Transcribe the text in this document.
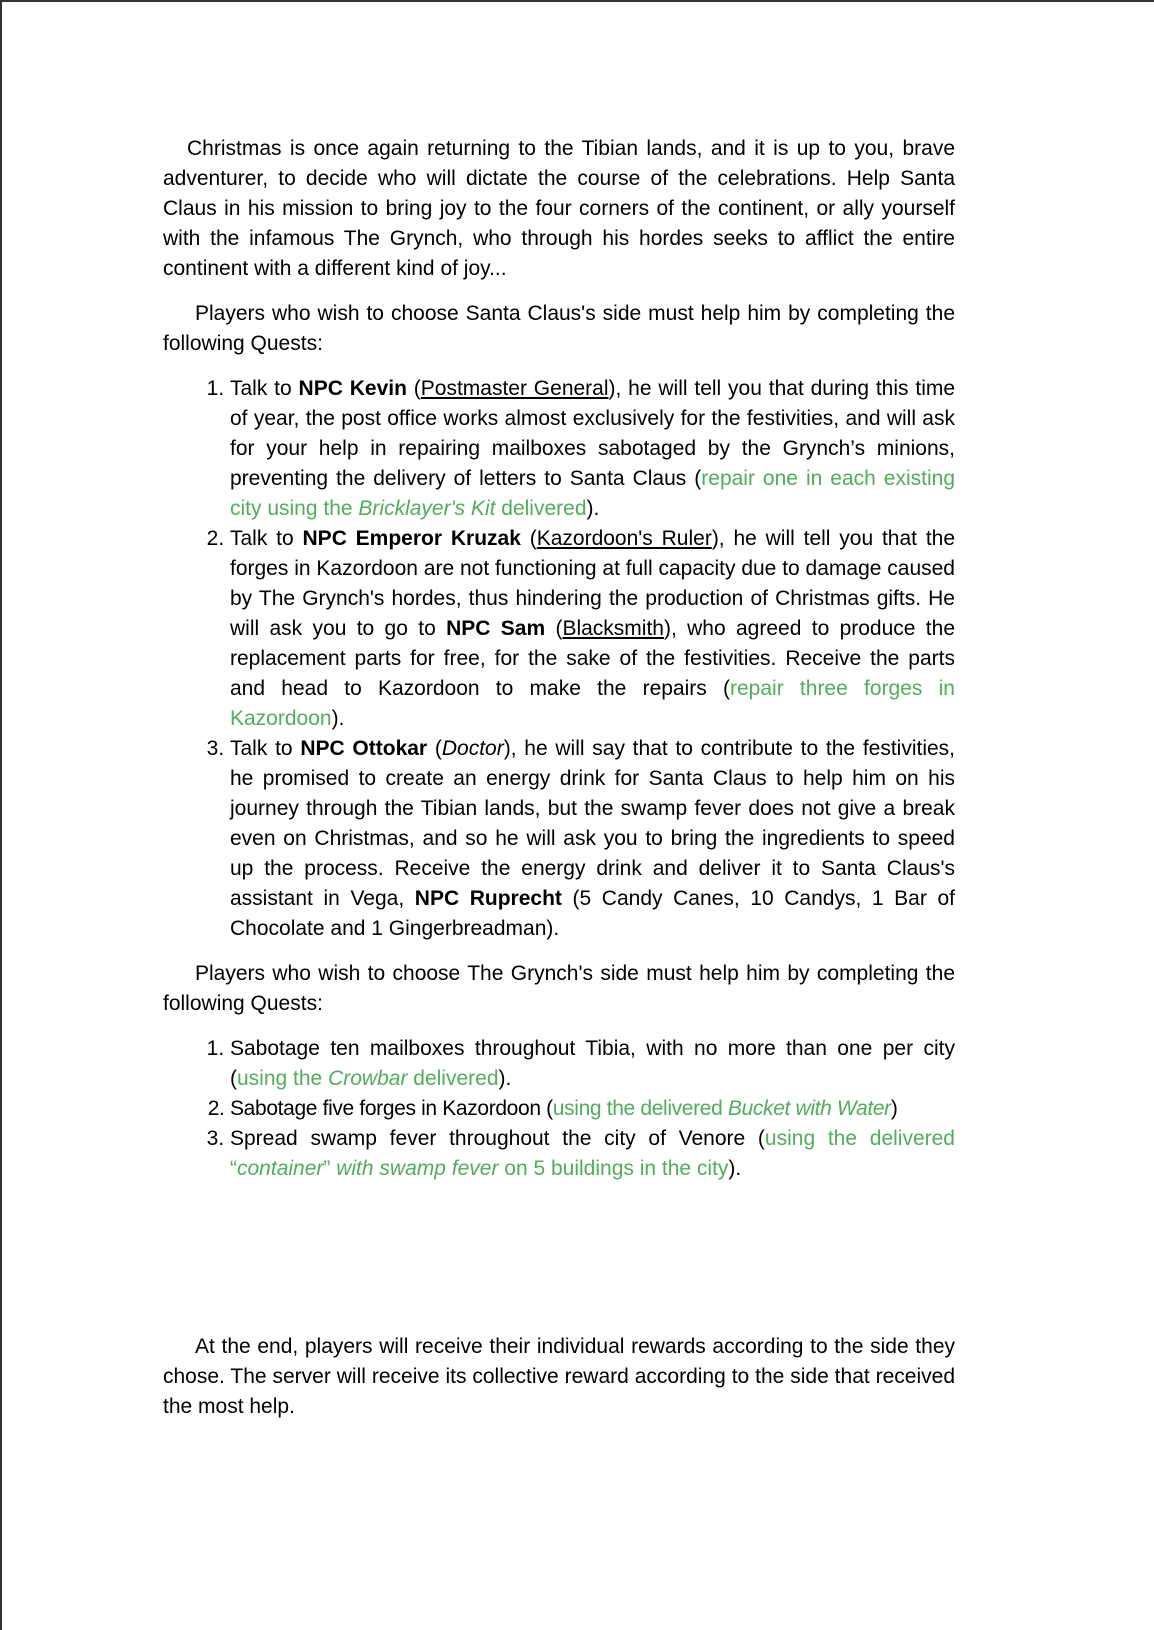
Christmas is once again returning to the Tibian lands, and it is up to you, brave adventurer, to decide who will dictate the course of the celebrations. Help Santa Claus in his mission to bring joy to the four corners of the continent, or ally yourself with the infamous The Grynch, who through his hordes seeks to afflict the entire continent with a different kind of joy...

Players who wish to choose Santa Claus's side must help him by completing the following Quests:

1. Talk to NPC Kevin (Postmaster General), he will tell you that during this time of year, the post office works almost exclusively for the festivities, and will ask for your help in repairing mailboxes sabotaged by the Grynch’s minions, preventing the delivery of letters to Santa Claus (repair one in each existing city using the Bricklayer's Kit delivered).
2. Talk to NPC Emperor Kruzak (Kazordoon's Ruler), he will tell you that the forges in Kazordoon are not functioning at full capacity due to damage caused by The Grynch's hordes, thus hindering the production of Christmas gifts. He will ask you to go to NPC Sam (Blacksmith), who agreed to produce the replacement parts for free, for the sake of the festivities. Receive the parts and head to Kazordoon to make the repairs (repair three forges in Kazordoon).
3. Talk to NPC Ottokar (Doctor), he will say that to contribute to the festivities, he promised to create an energy drink for Santa Claus to help him on his journey through the Tibian lands, but the swamp fever does not give a break even on Christmas, and so he will ask you to bring the ingredients to speed up the process. Receive the energy drink and deliver it to Santa Claus's assistant in Vega, NPC Ruprecht (5 Candy Canes, 10 Candys, 1 Bar of Chocolate and 1 Gingerbreadman).

Players who wish to choose The Grynch's side must help him by completing the following Quests:

1. Sabotage ten mailboxes throughout Tibia, with no more than one per city (using the Crowbar delivered).
2. Sabotage five forges in Kazordoon (using the delivered Bucket with Water)
3. Spread swamp fever throughout the city of Venore (using the delivered “container” with swamp fever on 5 buildings in the city).

At the end, players will receive their individual rewards according to the side they chose. The server will receive its collective reward according to the side that received the most help.
